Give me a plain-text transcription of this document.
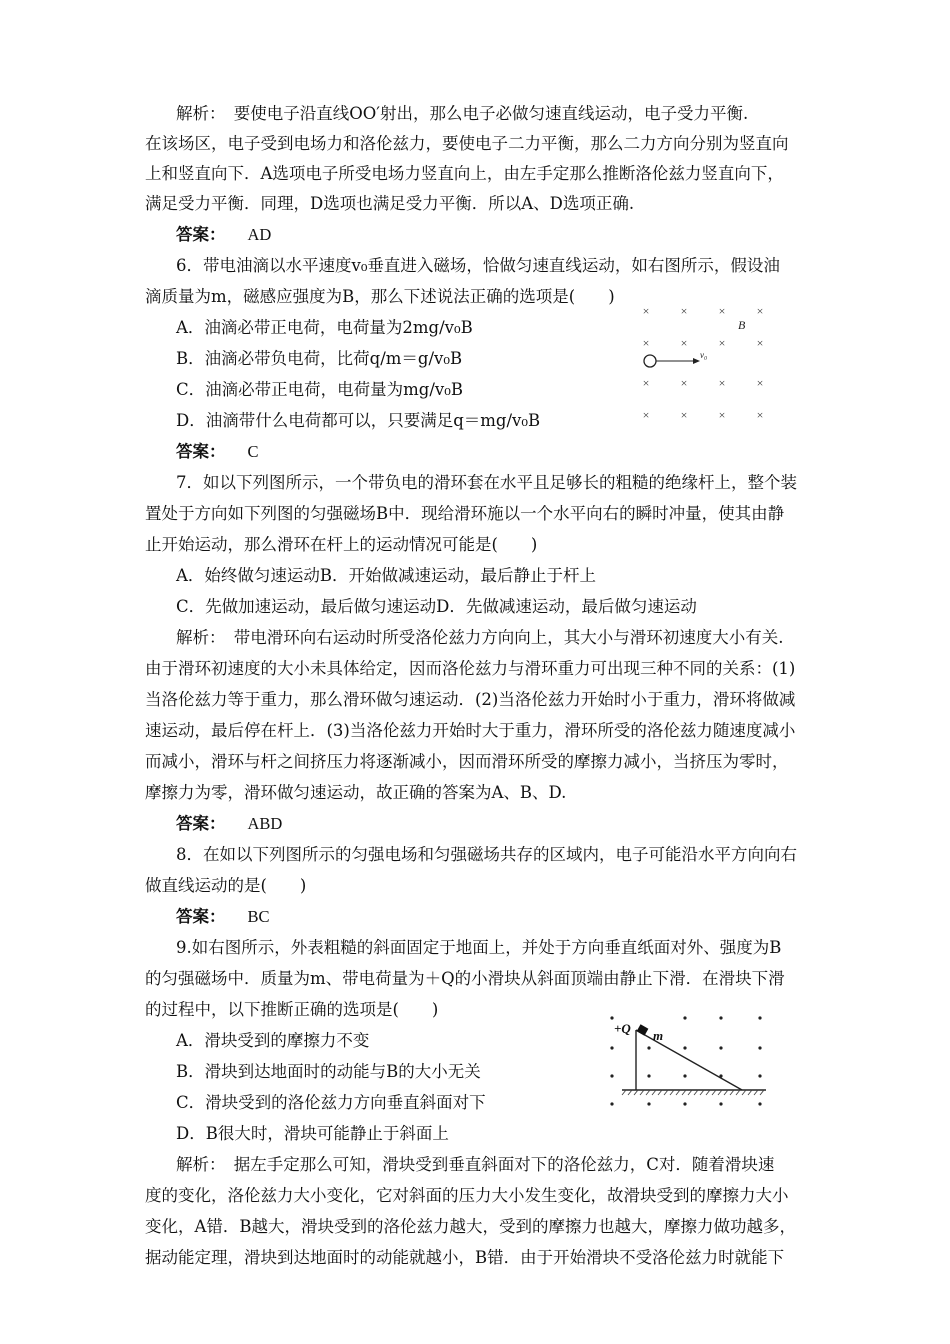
解析：　要使电子沿直线OO′射出，那么电子必做匀速直线运动，电子受力平衡.
在该场区，电子受到电场力和洛伦兹力，要使电子二力平衡，那么二力方向分别为竖直向
上和竖直向下．A选项电子所受电场力竖直向上，由左手定那么推断洛伦兹力竖直向下，
满足受力平衡．同理，D选项也满足受力平衡．所以A、D选项正确.
答案： AD
6．带电油滴以水平速度v₀垂直进入磁场，恰做匀速直线运动，如右图所示，假设油
滴质量为m，磁感应强度为B，那么下述说法正确的选项是(　　)
A．油滴必带正电荷，电荷量为2mg/v₀B
B．油滴必带负电荷，比荷q/m＝g/v₀B
C．油滴必带正电荷，电荷量为mg/v₀B
D．油滴带什么电荷都可以，只要满足q＝mg/v₀B
答案： C
×	×	×	×
×	×	×	×
×	×	×	×
×	×	×	×
B
v₀
7．如以下列图所示，一个带负电的滑环套在水平且足够长的粗糙的绝缘杆上，整个装
置处于方向如下列图的匀强磁场B中．现给滑环施以一个水平向右的瞬时冲量，使其由静
止开始运动，那么滑环在杆上的运动情况可能是(　　)
A．始终做匀速运动B．开始做减速运动，最后静止于杆上
C．先做加速运动，最后做匀速运动D．先做减速运动，最后做匀速运动
解析：　带电滑环向右运动时所受洛伦兹力方向向上，其大小与滑环初速度大小有关.
由于滑环初速度的大小未具体给定，因而洛伦兹力与滑环重力可出现三种不同的关系：(1)
当洛伦兹力等于重力，那么滑环做匀速运动．(2)当洛伦兹力开始时小于重力，滑环将做减
速运动，最后停在杆上．(3)当洛伦兹力开始时大于重力，滑环所受的洛伦兹力随速度减小
而减小，滑环与杆之间挤压力将逐渐减小，因而滑环所受的摩擦力减小，当挤压为零时，
摩擦力为零，滑环做匀速运动，故正确的答案为A、B、D.
答案： ABD
8．在如以下列图所示的匀强电场和匀强磁场共存的区域内，电子可能沿水平方向向右
做直线运动的是(　　)
答案： BC
9.如右图所示，外表粗糙的斜面固定于地面上，并处于方向垂直纸面对外、强度为B
的匀强磁场中．质量为m、带电荷量为＋Q的小滑块从斜面顶端由静止下滑．在滑块下滑
的过程中，以下推断正确的选项是(　　)
A．滑块受到的摩擦力不变
B．滑块到达地面时的动能与B的大小无关
C．滑块受到的洛伦兹力方向垂直斜面对下
D．B很大时，滑块可能静止于斜面上
+Q m
解析：　据左手定那么可知，滑块受到垂直斜面对下的洛伦兹力，C对．随着滑块速
度的变化，洛伦兹力大小变化，它对斜面的压力大小发生变化，故滑块受到的摩擦力大小
变化，A错．B越大，滑块受到的洛伦兹力越大，受到的摩擦力也越大，摩擦力做功越多，
据动能定理，滑块到达地面时的动能就越小，B错．由于开始滑块不受洛伦兹力时就能下
